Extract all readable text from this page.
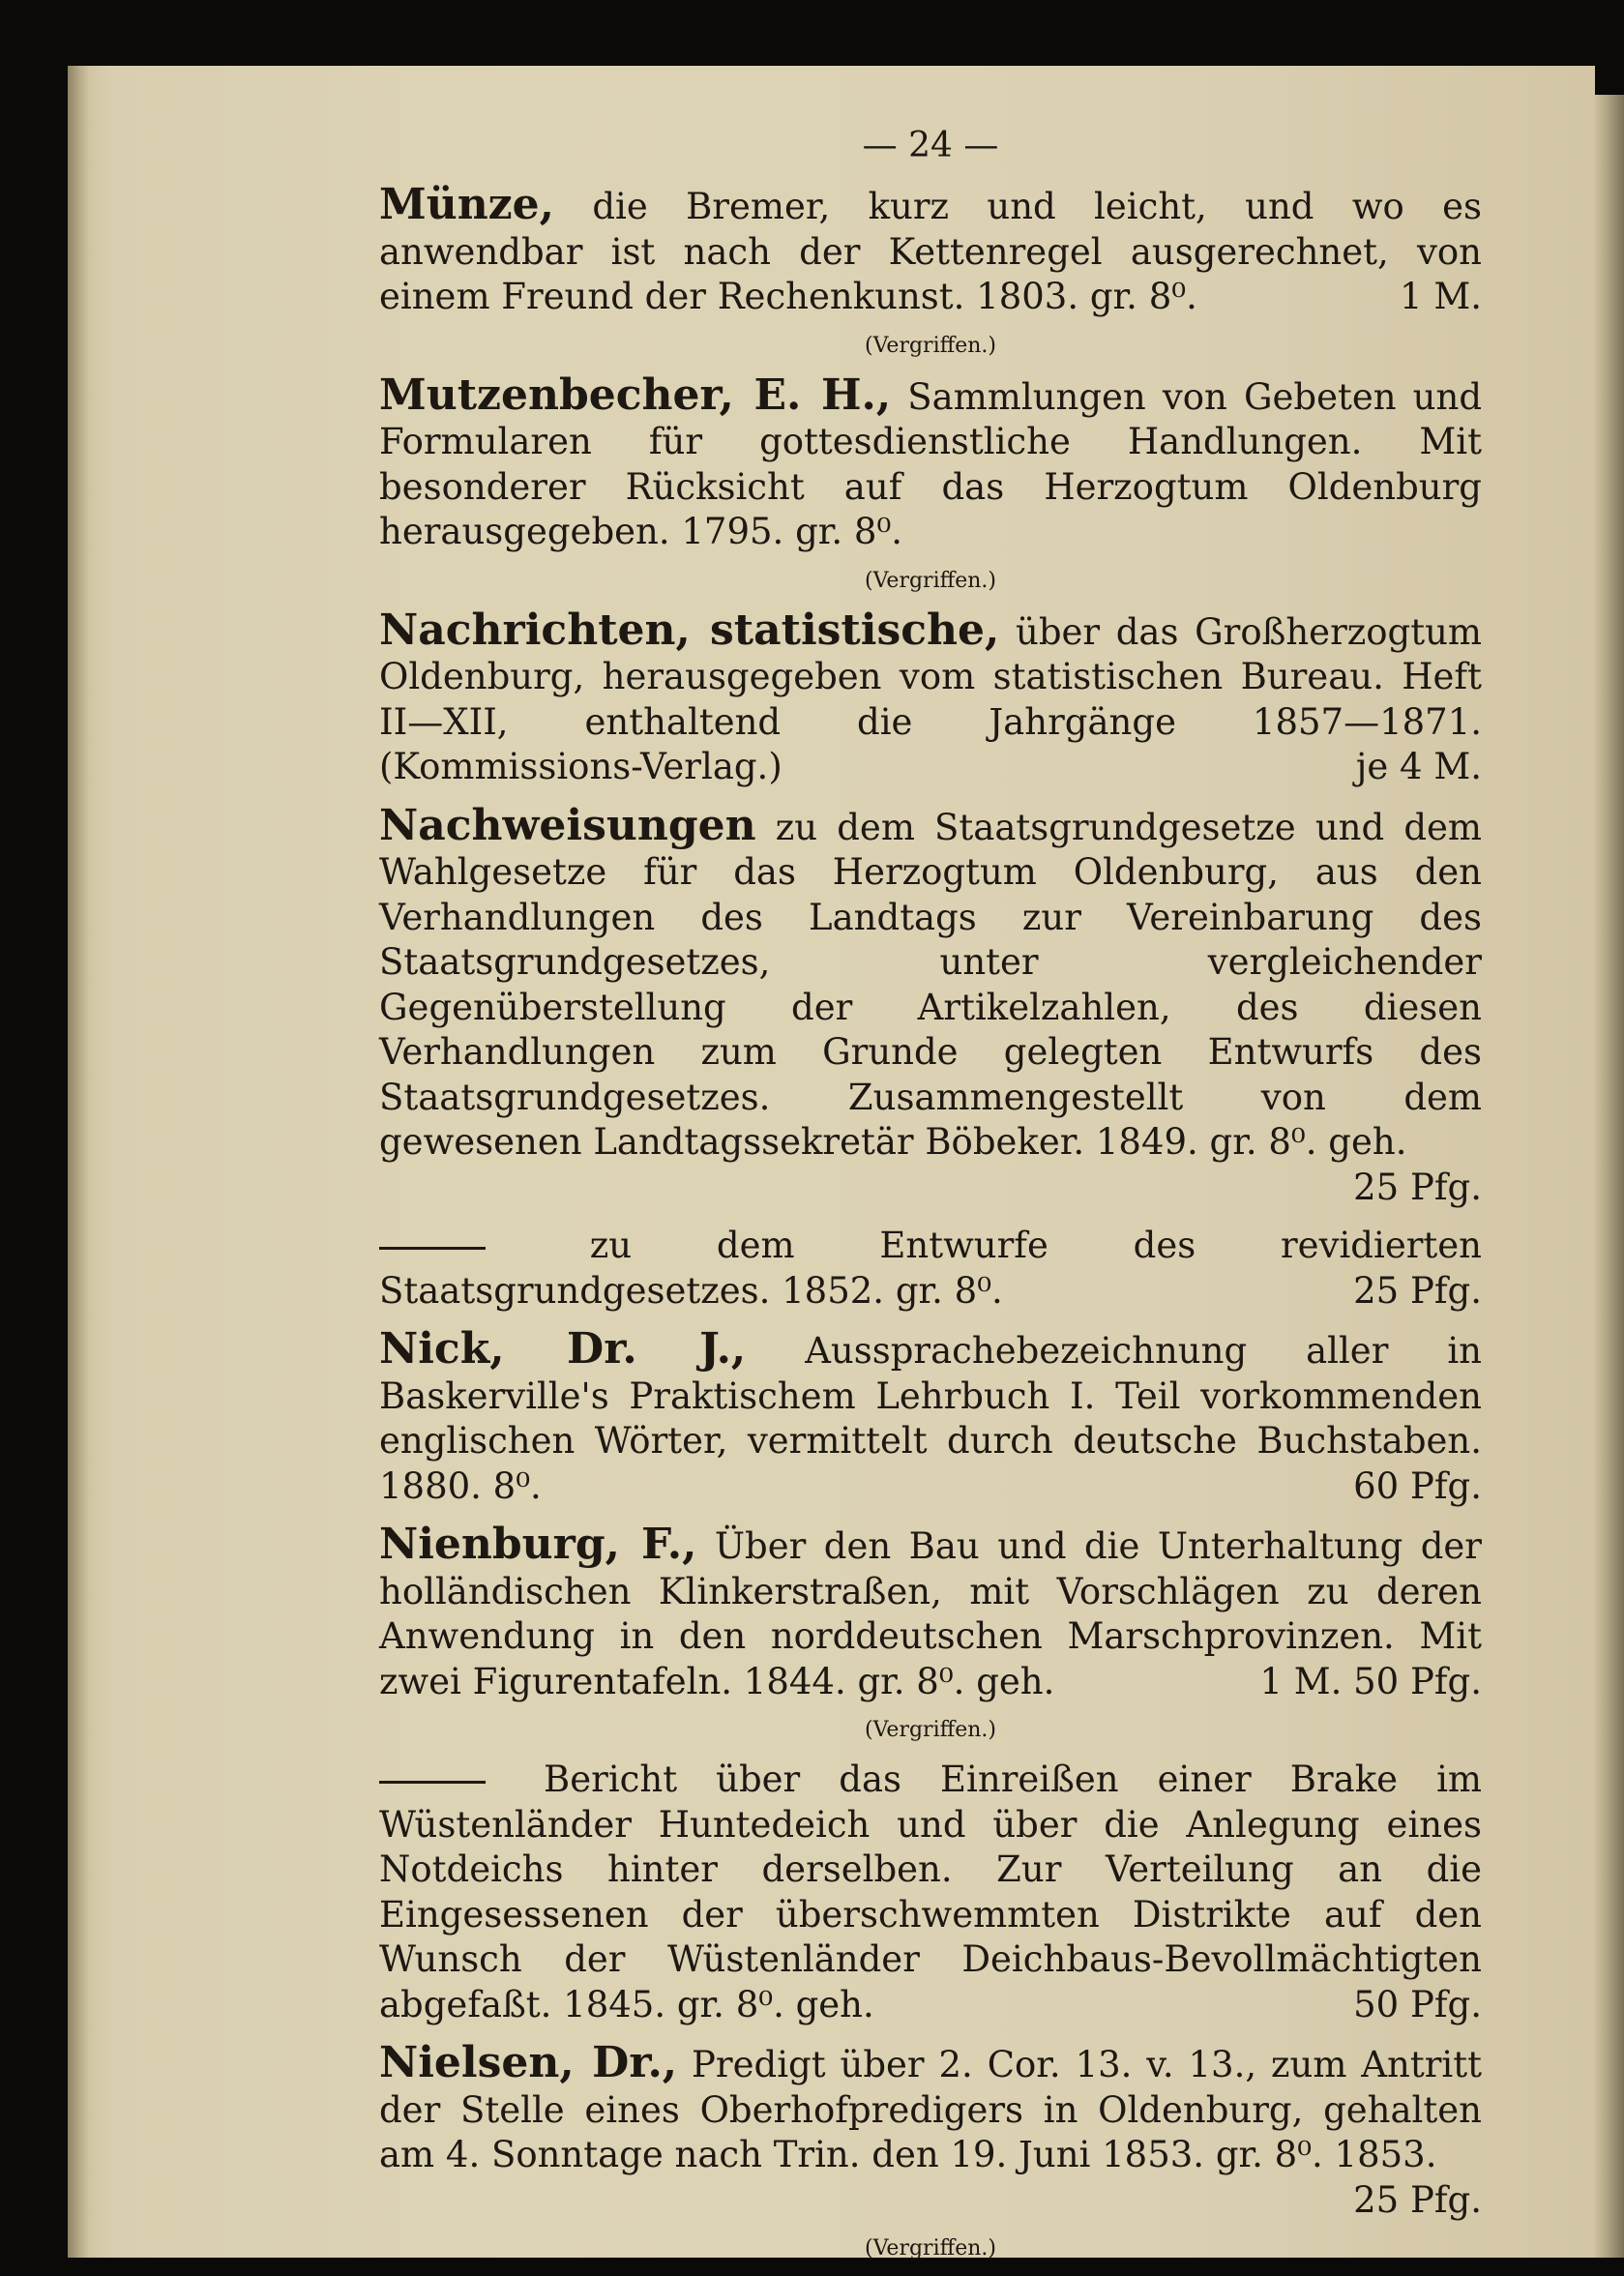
— 24 —
Münze, die Bremer, kurz und leicht, und wo es anwendbar ist nach der Kettenregel ausgerechnet, von einem Freund der Rechenkunst. 1803. gr. 8⁰.	1 M.
(Vergriffen.)
Mutzenbecher, E. H., Sammlungen von Gebeten und Formularen für gottesdienstliche Handlungen. Mit besonderer Rücksicht auf das Herzogtum Oldenburg herausgegeben. 1795. gr. 8⁰.
(Vergriffen.)
Nachrichten, statistische, über das Großherzogtum Oldenburg, herausgegeben vom statistischen Bureau. Heft II—XII, enthaltend die Jahrgänge 1857—1871. (Kommissions-Verlag.)	je 4 M.
Nachweisungen zu dem Staatsgrundgesetze und dem Wahlgesetze für das Herzogtum Oldenburg, aus den Verhandlungen des Landtags zur Vereinbarung des Staatsgrundgesetzes, unter vergleichender Gegenüberstellung der Artikelzahlen, des diesen Verhandlungen zum Grunde gelegten Entwurfs des Staatsgrundgesetzes. Zusammengestellt von dem gewesenen Landtagssekretär Böbeker. 1849. gr. 8⁰. geh.
25 Pfg.
zu dem Entwurfe des revidierten Staatsgrundgesetzes. 1852. gr. 8⁰.	25 Pfg.
Nick, Dr. J., Aussprachebezeichnung aller in Baskerville's Praktischem Lehrbuch I. Teil vorkommenden englischen Wörter, vermittelt durch deutsche Buchstaben. 1880. 8⁰.	60 Pfg.
Nienburg, F., Über den Bau und die Unterhaltung der holländischen Klinkerstraßen, mit Vorschlägen zu deren Anwendung in den norddeutschen Marschprovinzen. Mit zwei Figurentafeln. 1844. gr. 8⁰. geh.	1 M. 50 Pfg.
(Vergriffen.)
Bericht über das Einreißen einer Brake im Wüstenländer Huntedeich und über die Anlegung eines Notdeichs hinter derselben. Zur Verteilung an die Eingesessenen der überschwemmten Distrikte auf den Wunsch der Wüstenländer Deichbaus-Bevollmächtigten abgefaßt. 1845. gr. 8⁰. geh.	50 Pfg.
Nielsen, Dr., Predigt über 2. Cor. 13. v. 13., zum Antritt der Stelle eines Oberhofpredigers in Oldenburg, gehalten am 4. Sonntage nach Trin. den 19. Juni 1853. gr. 8⁰. 1853.
25 Pfg.
(Vergriffen.)
